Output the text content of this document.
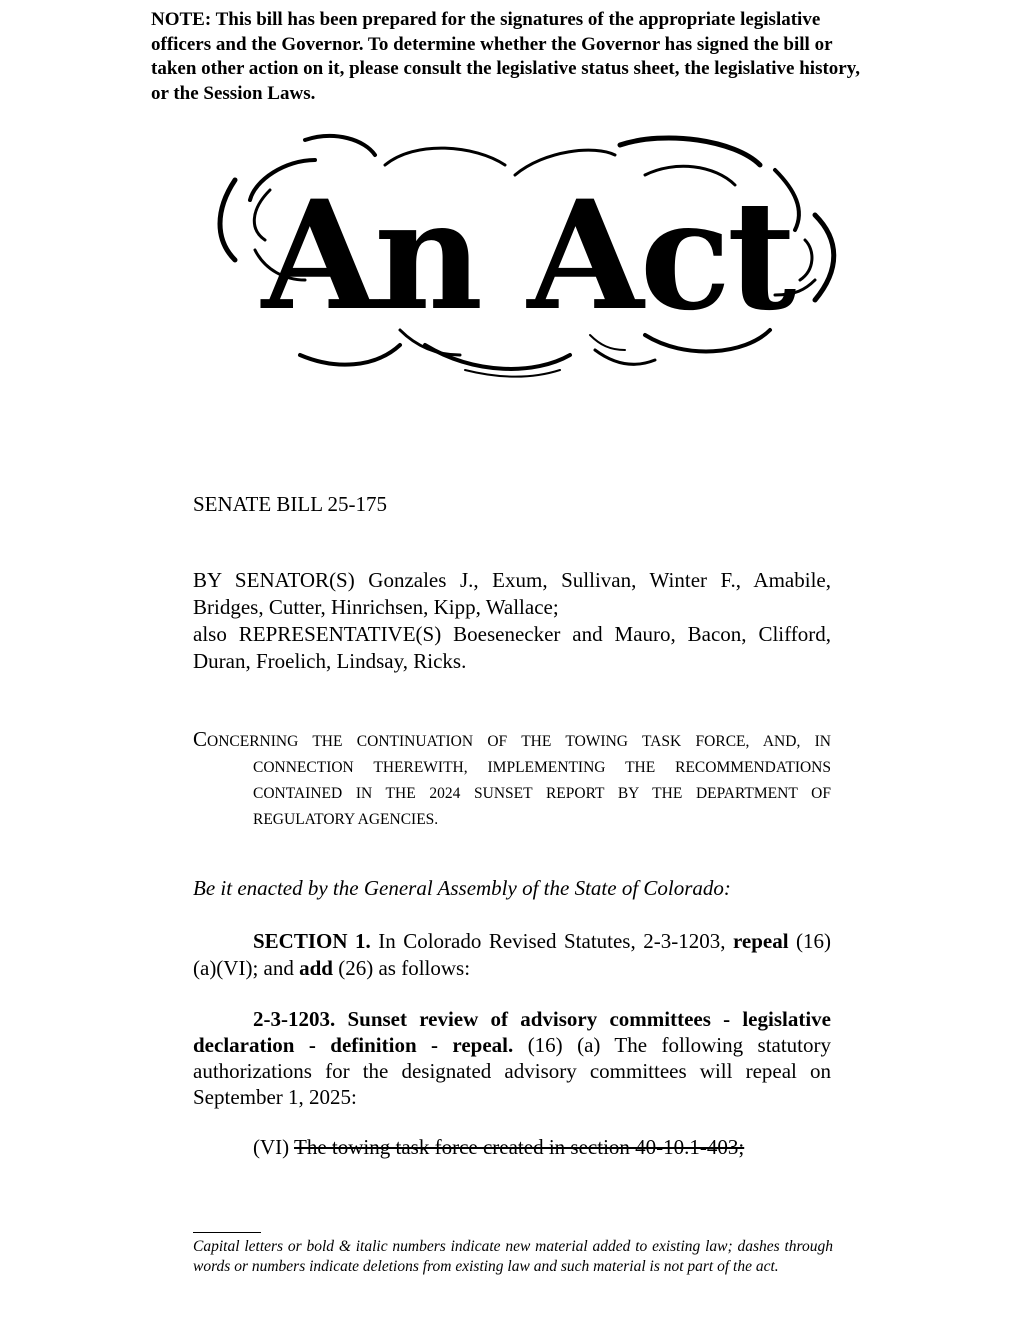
NOTE: This bill has been prepared for the signatures of the appropriate legislative officers and the Governor. To determine whether the Governor has signed the bill or taken other action on it, please consult the legislative status sheet, the legislative history, or the Session Laws.
An Act
SENATE BILL 25-175

BY SENATOR(S) Gonzales J., Exum, Sullivan, Winter F., Amabile, Bridges, Cutter, Hinrichsen, Kipp, Wallace;

also REPRESENTATIVE(S) Boesenecker and Mauro, Bacon, Clifford, Duran, Froelich, Lindsay, Ricks.

CONCERNING THE CONTINUATION OF THE TOWING TASK FORCE, AND, IN
CONNECTION THEREWITH, IMPLEMENTING THE RECOMMENDATIONS
CONTAINED IN THE 2024 SUNSET REPORT BY THE DEPARTMENT OF
REGULATORY AGENCIES.
Be it enacted by the General Assembly of the State of Colorado:

SECTION 1. In Colorado Revised Statutes, 2-3-1203, repeal (16)(a)(VI); and add (26) as follows:

2-3-1203. Sunset review of advisory committees - legislative declaration - definition - repeal. (16) (a) The following statutory authorizations for the designated advisory committees will repeal on September 1, 2025:

(VI) The towing task force created in section 40-10.1-403;

Capital letters or bold & italic numbers indicate new material added to existing law; dashes through words or numbers indicate deletions from existing law and such material is not part of the act.
